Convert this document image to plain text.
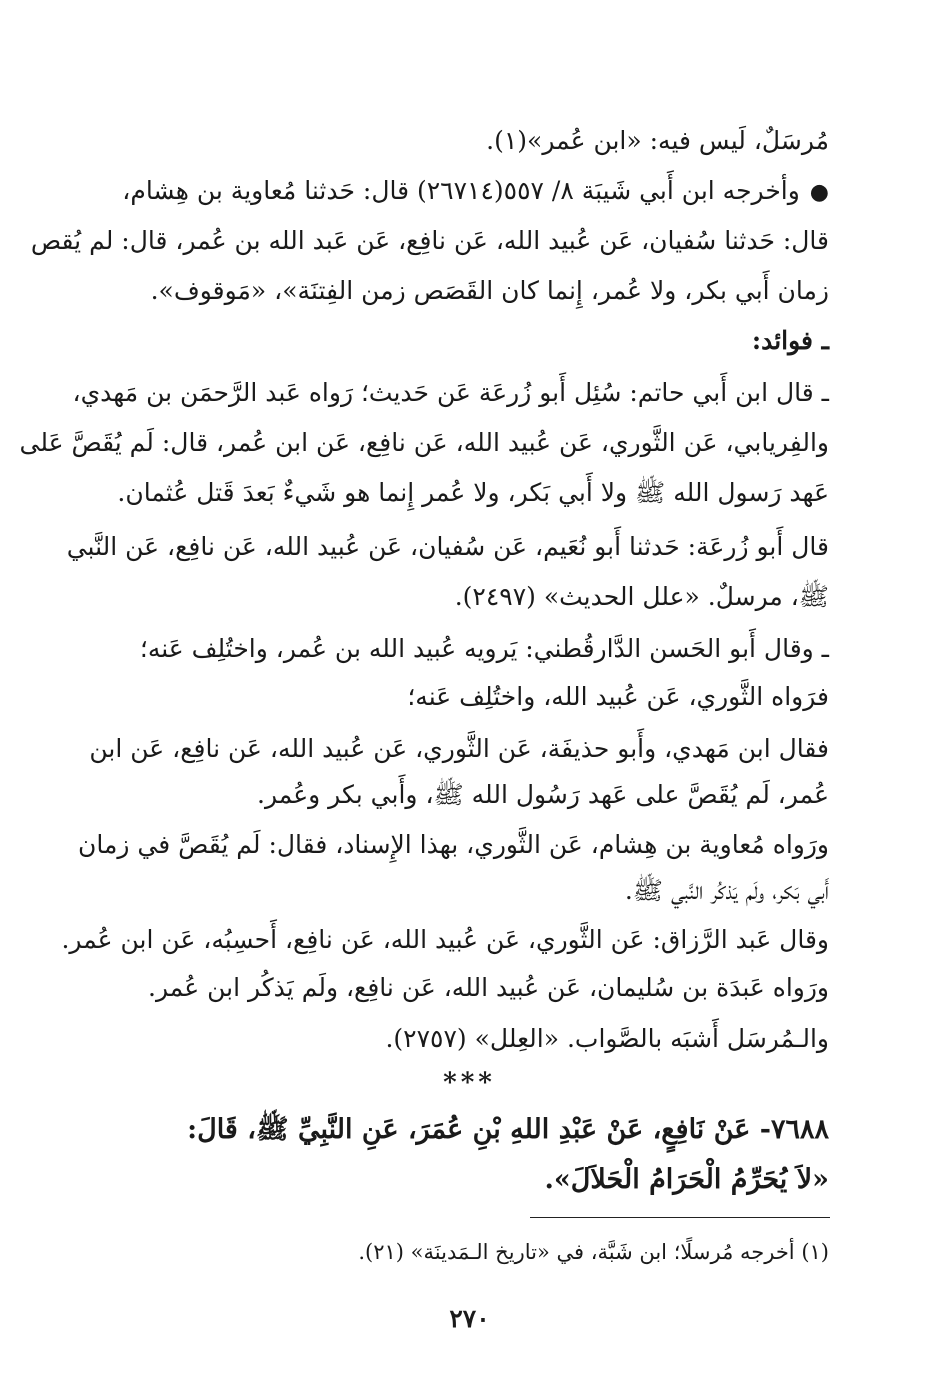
مُرسَلٌ، لَيس فيه: «ابن عُمر»(١).
●وأخرجه ابن أَبي شَيبَة ٨/ ٥٥٧(٢٦٧١٤) قال: حَدثنا مُعاوية بن هِشام،
قال: حَدثنا سُفيان، عَن عُبيد الله، عَن نافِع، عَن عَبد الله بن عُمر، قال: لم يُقص
زمان أَبي بكر، ولا عُمر، إِنما كان القَصَص زمن الفِتنَة»، «مَوقوف».
ـ فوائد:
ـ قال ابن أَبي حاتم: سُئِل أَبو زُرعَة عَن حَديث؛ رَواه عَبد الرَّحمَن بن مَهدي،
والفِريابي، عَن الثَّوري، عَن عُبيد الله، عَن نافِع، عَن ابن عُمر، قال: لَم يُقَصَّ عَلى
عَهد رَسول الله ﷺ ولا أَبي بَكر، ولا عُمر إِنما هو شَيءٌ بَعدَ قَتل عُثمان.
قال أَبو زُرعَة: حَدثنا أَبو نُعَيم، عَن سُفيان، عَن عُبيد الله، عَن نافِع، عَن النَّبي
ﷺ، مرسلٌ. «علل الحديث» (٢٤٩٧).
ـ وقال أَبو الحَسن الدَّارقُطني: يَرويه عُبيد الله بن عُمر، واختُلِف عَنه؛
فرَواه الثَّوري، عَن عُبيد الله، واختُلِف عَنه؛
فقال ابن مَهدي، وأَبو حذيفَة، عَن الثَّوري، عَن عُبيد الله، عَن نافِع، عَن ابن
عُمر، لَم يُقَصَّ على عَهد رَسُول الله ﷺ، وأَبي بكر وعُمر.
ورَواه مُعاوية بن هِشام، عَن الثَّوري، بهذا الإِسناد، فقال: لَم يُقَصَّ في زمان
أَبي بَكر، ولَم يَذكُر النَّبي ﷺ.
وقال عَبد الرَّزاق: عَن الثَّوري، عَن عُبيد الله، عَن نافِع، أَحسِبُه، عَن ابن عُمر.
ورَواه عَبدَة بن سُليمان، عَن عُبيد الله، عَن نافِع، ولَم يَذكُر ابن عُمر.
والـمُرسَل أَشبَه بالصَّواب. «العِلل» (٢٧٥٧).
***
٧٦٨٨- عَنْ نَافِعٍ، عَنْ عَبْدِ اللهِ بْنِ عُمَرَ، عَنِ النَّبِيِّ ﷺ، قَالَ:
«لاَ يُحَرِّمُ الْحَرَامُ الْحَلاَلَ».
(١) أخرجه مُرسلًا؛ ابن شَبَّة، في «تاريخ الـمَدينَة» (٢١).
٢٧٠
